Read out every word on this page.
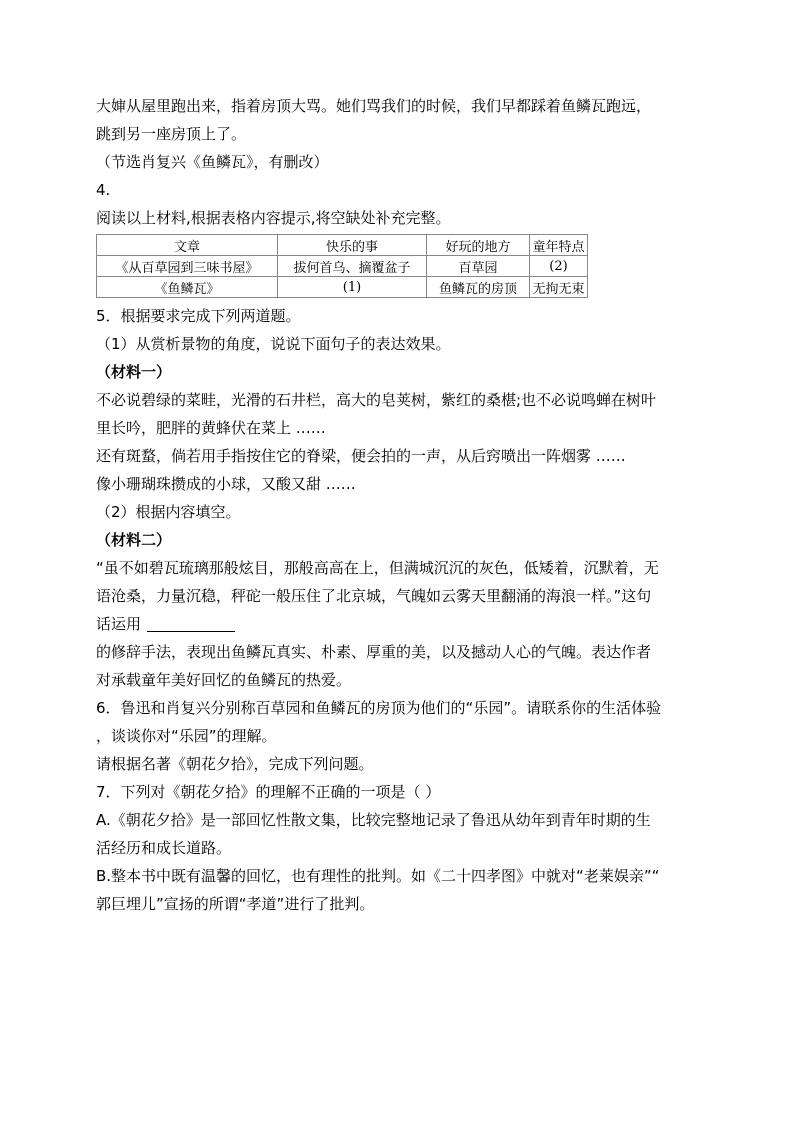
大婶从屋里跑出来，指着房顶大骂。她们骂我们的时候，我们早都踩着鱼鳞瓦跑远，
跳到另一座房顶上了。
（节选肖复兴《鱼鳞瓦》，有删改）
4.
阅读以上材料,根据表格内容提示,将空缺处补充完整。
文章	快乐的事	好玩的地方	童年特点
《从百草园到三味书屋》	拔何首乌、摘覆盆子	百草园	(2)
《鱼鳞瓦》	(1)	鱼鳞瓦的房顶	无拘无束
5．根据要求完成下列两道题。
（1）从赏析景物的角度，说说下面句子的表达效果。
（材料一）
不必说碧绿的菜畦，光滑的石井栏，高大的皂荚树，紫红的桑椹;也不必说鸣蝉在树叶
里长吟，肥胖的黄蜂伏在菜上 ……
还有斑蝥，倘若用手指按住它的脊梁，便会拍的一声，从后窍喷出一阵烟雾 ……
像小珊瑚珠攒成的小球，又酸又甜 ……
（2）根据内容填空。
（材料二）
“虽不如碧瓦琉璃那般炫目，那般高高在上，但满城沉沉的灰色，低矮着，沉默着，无
语沧桑，力量沉稳，秤砣一般压住了北京城，气魄如云雾天里翻涌的海浪一样。”这句
话运用
的修辞手法，表现出鱼鳞瓦真实、朴素、厚重的美，以及撼动人心的气魄。表达作者
对承载童年美好回忆的鱼鳞瓦的热爱。
6．鲁迅和肖复兴分别称百草园和鱼鳞瓦的房顶为他们的“乐园”。请联系你的生活体验
，谈谈你对“乐园”的理解。
请根据名著《朝花夕拾》，完成下列问题。
7．下列对《朝花夕拾》的理解不正确的一项是（ ）
A.《朝花夕拾》是一部回忆性散文集，比较完整地记录了鲁迅从幼年到青年时期的生
活经历和成长道路。
B.整本书中既有温馨的回忆，也有理性的批判。如《二十四孝图》中就对“老莱娱亲”“
郭巨埋儿”宣扬的所谓“孝道”进行了批判。
